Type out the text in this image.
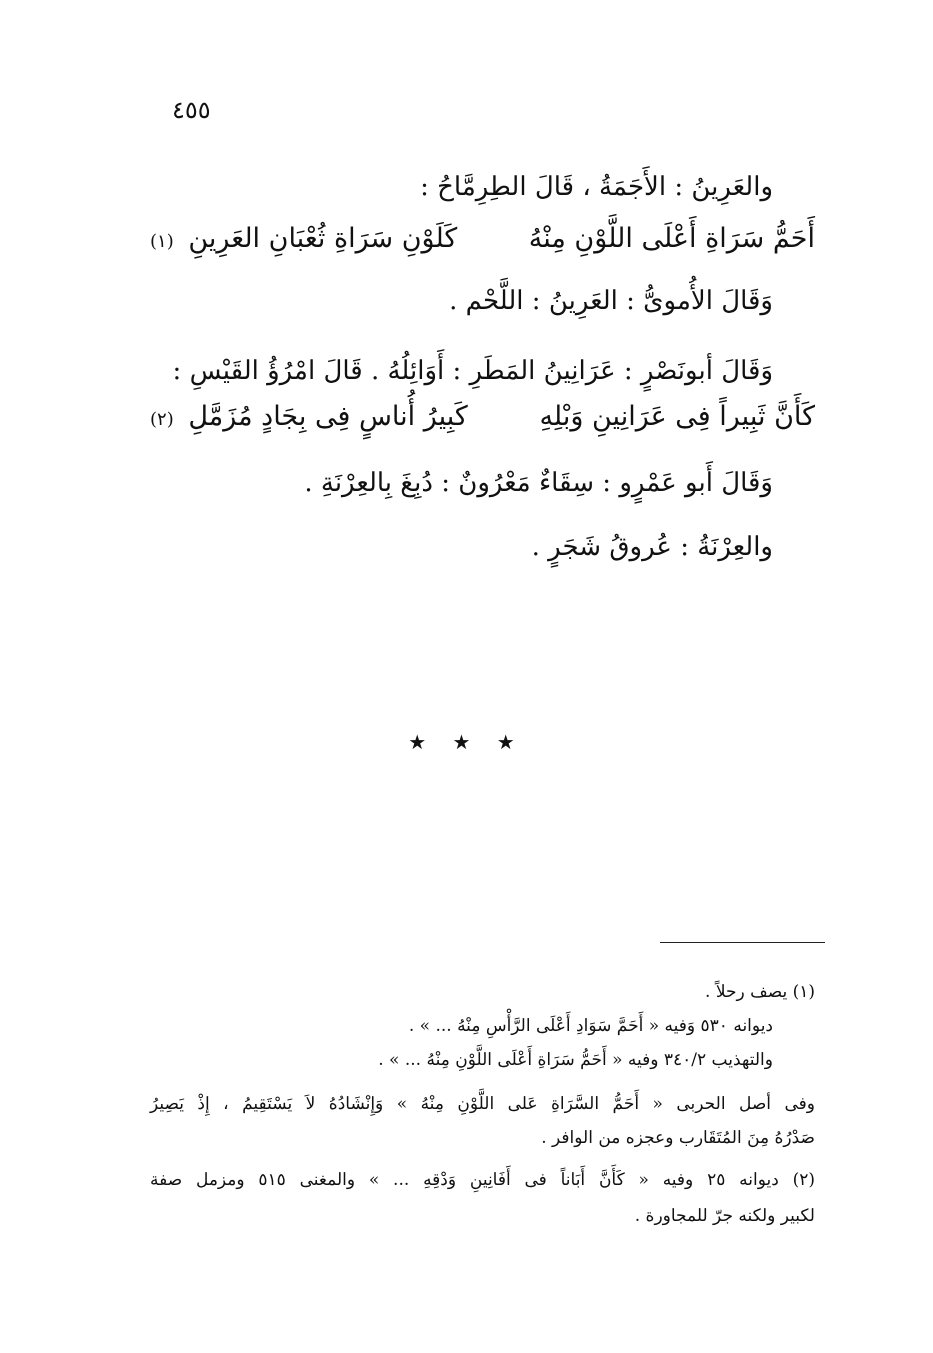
٤٥٥
والعَرِينُ : الأَجَمَةُ ، قَالَ الطِرِمَّاحُ :
أَحَمُّ سَرَاةِ أَعْلَى اللَّوْنِ مِنْهُ
كَلَوْنِ سَرَاةِ ثُعْبَانِ العَرِينِ (١)
وَقَالَ الأُموىُّ : العَرِينُ : اللَّحْم .
وَقَالَ أبونَصْرٍ : عَرَانِينُ المَطَرِ : أَوَائِلُهُ . قَالَ امْرُؤُ القَيْسِ :
كَأَنَّ ثَبِيراً فِى عَرَانِينِ وَبْلِهِ
كَبِيرُ أُناسٍ فِى بِجَادٍ مُزَمَّلِ (٢)
وَقَالَ أَبو عَمْرٍو : سِقَاءٌ مَعْرُونٌ : دُبِغَ بِالعِرْنَةِ .
والعِرْنَةُ : عُروقُ شَجَرٍ .
★ ★ ★
(١) يصف رحلاً .
ديوانه ٥٣٠ وَفيه « أَحَمَّ سَوَادِ أَعْلَى الرَّأْسِ مِنْهُ ... » .
والتهذيب ٣٤٠/٢ وفيه « أَحَمُّ سَرَاةِ أَعْلَى اللَّوْنِ مِنْهُ ... » .
وفى أصل الحربى « أَحَمُّ السَّرَاةِ عَلى اللَّوْنِ مِنْهُ » وَإِنْشَادُهُ لاَ يَسْتَقِيمُ ، إِذْ يَصِيرُ
صَدْرُهُ مِنَ المُتَقَارب وعجزه من الوافر .
(٢) ديوانه ٢٥ وفيه « كَأَنَّ أَبَاناً فى أَفَانِينِ وَدْقِهِ ... » والمغنى ٥١٥ ومزمل صفة
لكبير ولكنه جرّ للمجاورة .
